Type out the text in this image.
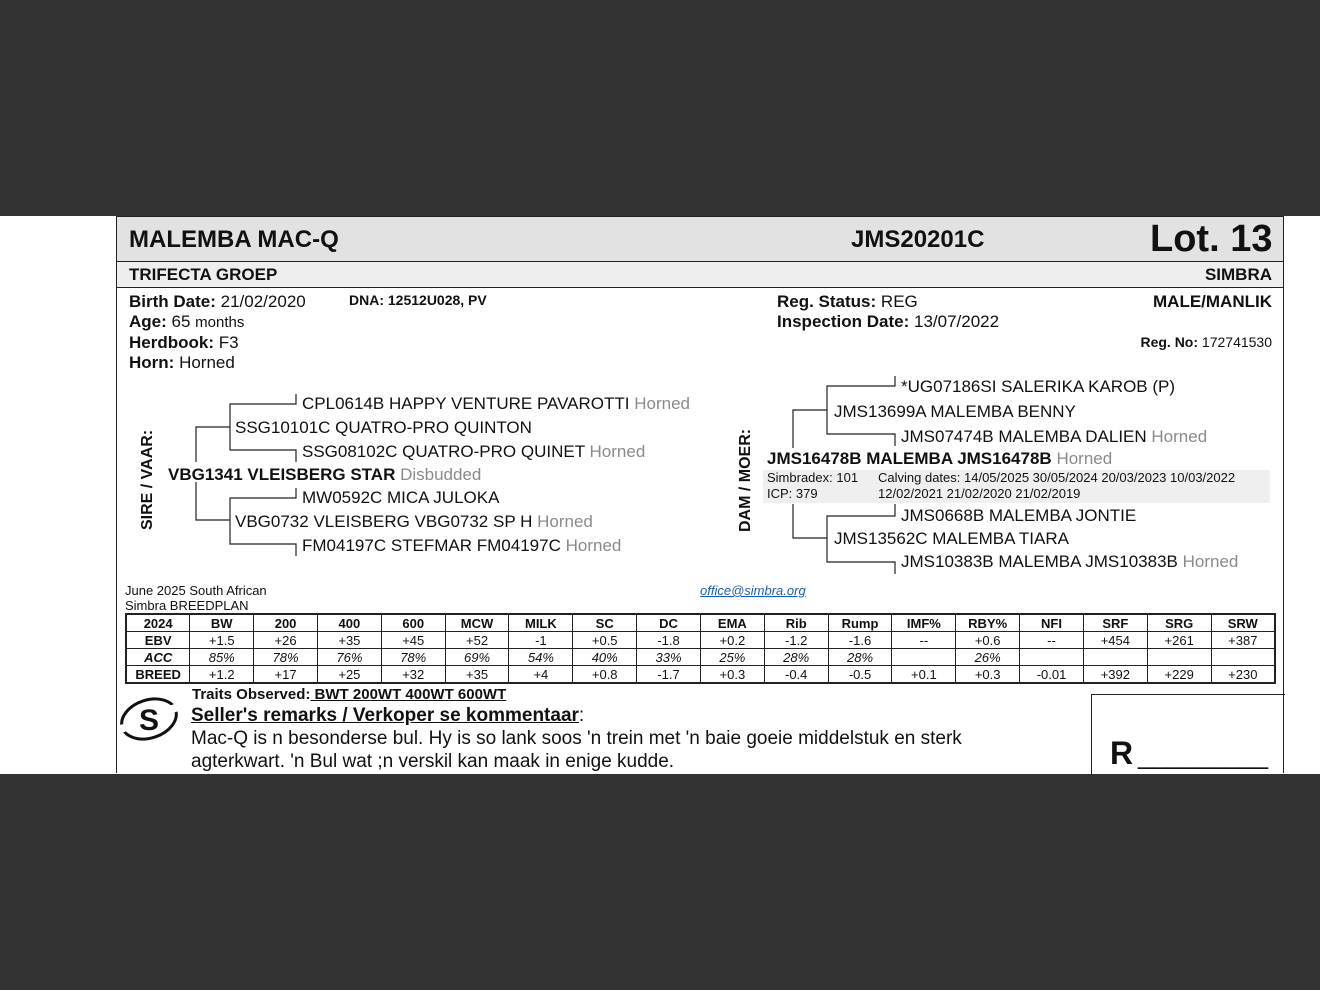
MALEMBA MAC-Q	JMS20201C	Lot. 13
TRIFECTA GROEP	SIMBRA
Birth Date: 21/02/2020	DNA: 12512U028, PV
Age: 65 months
Herdbook: F3
Horn: Horned
Reg. Status: REG
Inspection Date: 13/07/2022
MALE/MANLIK
Reg. No: 172741530
SIRE / VAAR:
CPL0614B HAPPY VENTURE PAVAROTTI Horned
SSG10101C QUATRO-PRO QUINTON
SSG08102C QUATRO-PRO QUINET Horned
VBG1341 VLEISBERG STAR Disbudded
MW0592C MICA JULOKA
VBG0732 VLEISBERG VBG0732 SP H Horned
FM04197C STEFMAR FM04197C Horned
DAM / MOER:
*UG07186SI SALERIKA KAROB (P)
JMS13699A MALEMBA BENNY
JMS07474B MALEMBA DALIEN Horned
JMS16478B MALEMBA JMS16478B Horned
Simbradex: 101
ICP: 379
Calving dates: 14/05/2025 30/05/2024 20/03/2023 10/03/2022
12/02/2021 21/02/2020 21/02/2019
JMS0668B MALEMBA JONTIE
JMS13562C MALEMBA TIARA
JMS10383B MALEMBA JMS10383B Horned
June 2025 South African
Simbra BREEDPLAN
office@simbra.org
2024	BW	200	400	600	MCW	MILK	SC	DC	EMA	Rib	Rump	IMF%	RBY%	NFI	SRF	SRG	SRW
EBV	+1.5	+26	+35	+45	+52	-1	+0.5	-1.8	+0.2	-1.2	-1.6	--	+0.6	--	+454	+261	+387
ACC	85%	78%	76%	78%	69%	54%	40%	33%	25%	28%	28%		26%				
BREED	+1.2	+17	+25	+32	+35	+4	+0.8	-1.7	+0.3	-0.4	-0.5	+0.1	+0.3	-0.01	+392	+229	+230
S
Traits Observed: BWT 200WT 400WT 600WT
Seller's remarks / Verkoper se kommentaar:
Mac-Q is n besonderse bul. Hy is so lank soos 'n trein met 'n baie goeie middelstuk en sterk
agterkwart. 'n Bul wat ;n verskil kan maak in enige kudde.	R _________
